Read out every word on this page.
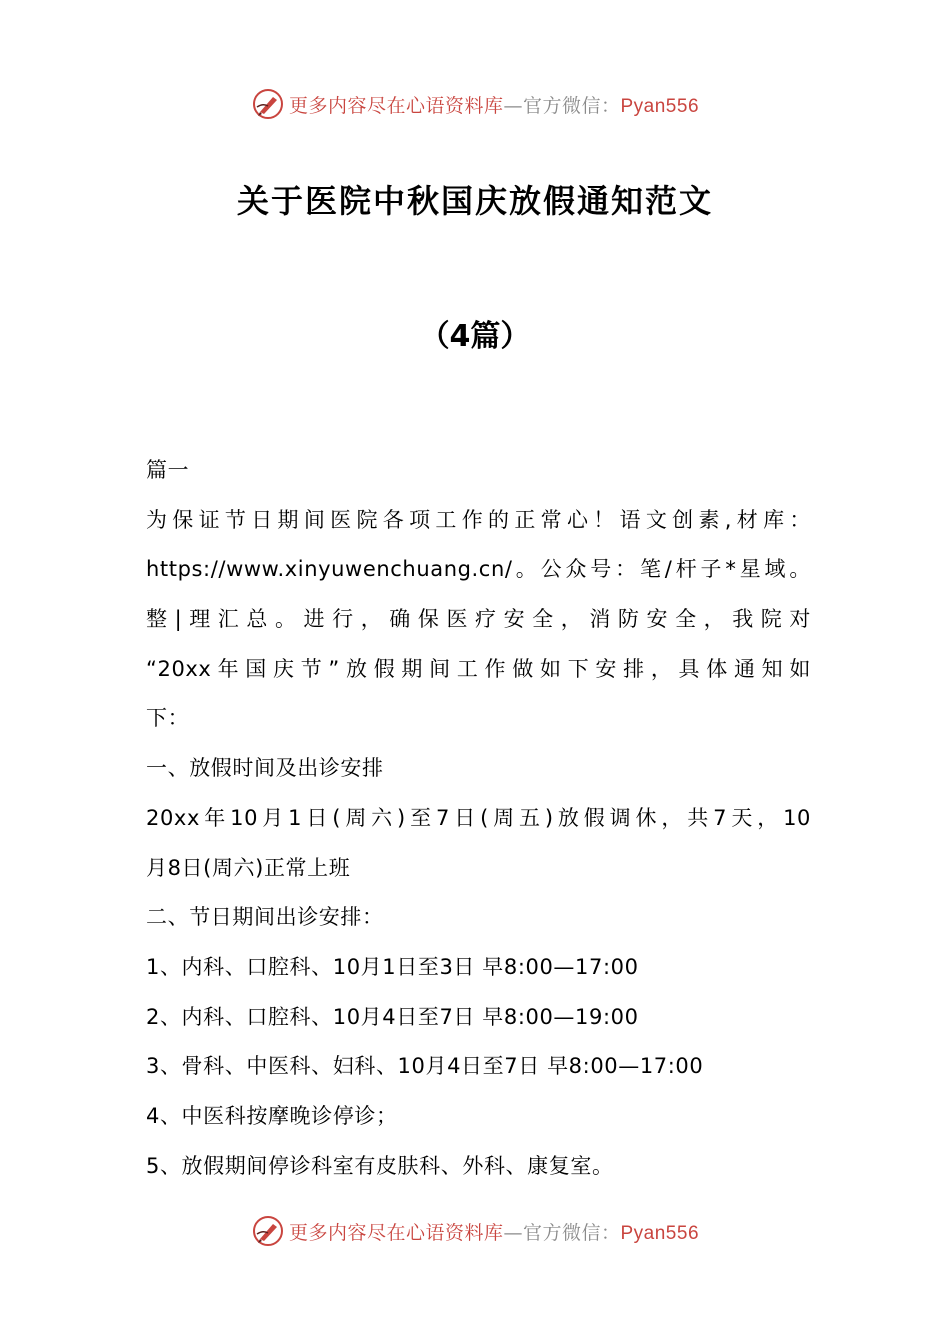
更多内容尽在心语资料库—官方微信：Pyan556
关于医院中秋国庆放假通知范文
（4篇）
篇一
为保证节日期间医院各项工作的正常心！语文创素,材库：
https://www.xinyuwenchuang.cn/。公众号：笔/杆子*星域。
整|理汇总。进行，确保医疗安全，消防安全，我院对
“20xx年国庆节”放假期间工作做如下安排，具体通知如
下：
一、放假时间及出诊安排
20xx年10月1日(周六)至7日(周五)放假调休，共7天，10
月8日(周六)正常上班
二、节日期间出诊安排：
1、内科、口腔科、10月1日至3日 早8:00—17:00
2、内科、口腔科、10月4日至7日 早8:00—19:00
3、骨科、中医科、妇科、10月4日至7日 早8:00—17:00
4、中医科按摩晚诊停诊；
5、放假期间停诊科室有皮肤科、外科、康复室。
更多内容尽在心语资料库—官方微信：Pyan556
